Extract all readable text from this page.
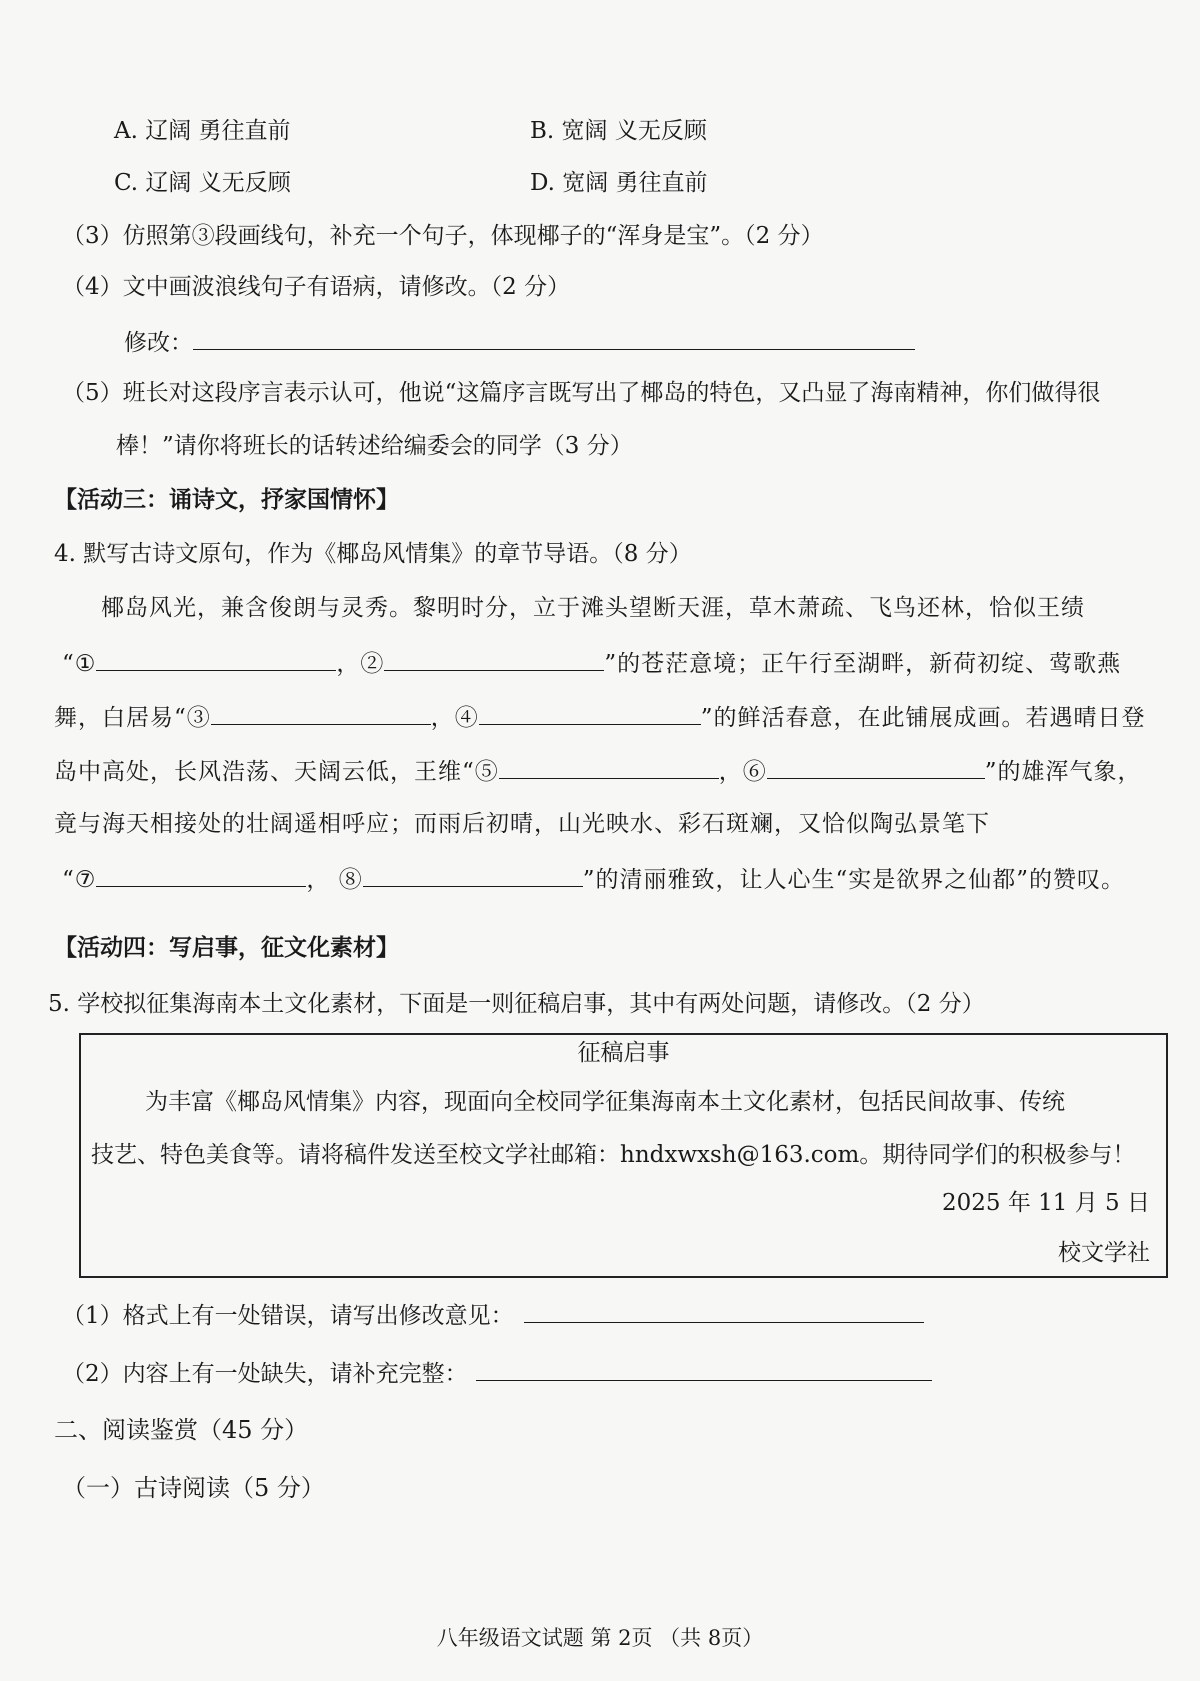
A. 辽阔 勇往直前	B. 宽阔 义无反顾
C. 辽阔 义无反顾	D. 宽阔 勇往直前
（3）仿照第③段画线句，补充一个句子，体现椰子的“浑身是宝”。（2 分）
（4）文中画波浪线句子有语病，请修改。（2 分）
修改：
（5）班长对这段序言表示认可，他说“这篇序言既写出了椰岛的特色，又凸显了海南精神，你们做得很
棒！”请你将班长的话转述给编委会的同学（3 分）
【活动三：诵诗文，抒家国情怀】
4. 默写古诗文原句，作为《椰岛风情集》的章节导语。（8 分）
椰岛风光，兼含俊朗与灵秀。黎明时分，立于滩头望断天涯，草木萧疏、飞鸟还林，恰似王绩
“①	，②	”的苍茫意境；正午行至湖畔，新荷初绽、莺歌燕
舞，白居易“③	，④	”的鲜活春意，在此铺展成画。若遇晴日登
岛中高处，长风浩荡、天阔云低，王维“⑤	，⑥	”的雄浑气象，
竟与海天相接处的壮阔遥相呼应；而雨后初晴，山光映水、彩石斑斓，又恰似陶弘景笔下
“⑦	， ⑧	”的清丽雅致，让人心生“实是欲界之仙都”的赞叹。
【活动四：写启事，征文化素材】
5. 学校拟征集海南本土文化素材，下面是一则征稿启事，其中有两处问题，请修改。（2 分）
征稿启事
为丰富《椰岛风情集》内容，现面向全校同学征集海南本土文化素材，包括民间故事、传统
技艺、特色美食等。请将稿件发送至校文学社邮箱：hndxwxsh@163.com。期待同学们的积极参与！
2025 年 11 月 5 日
校文学社
（1）格式上有一处错误，请写出修改意见：
（2）内容上有一处缺失，请补充完整：
二、阅读鉴赏（45 分）
（一）古诗阅读（5 分）
八年级语文试题 第 2页 （共 8页）
